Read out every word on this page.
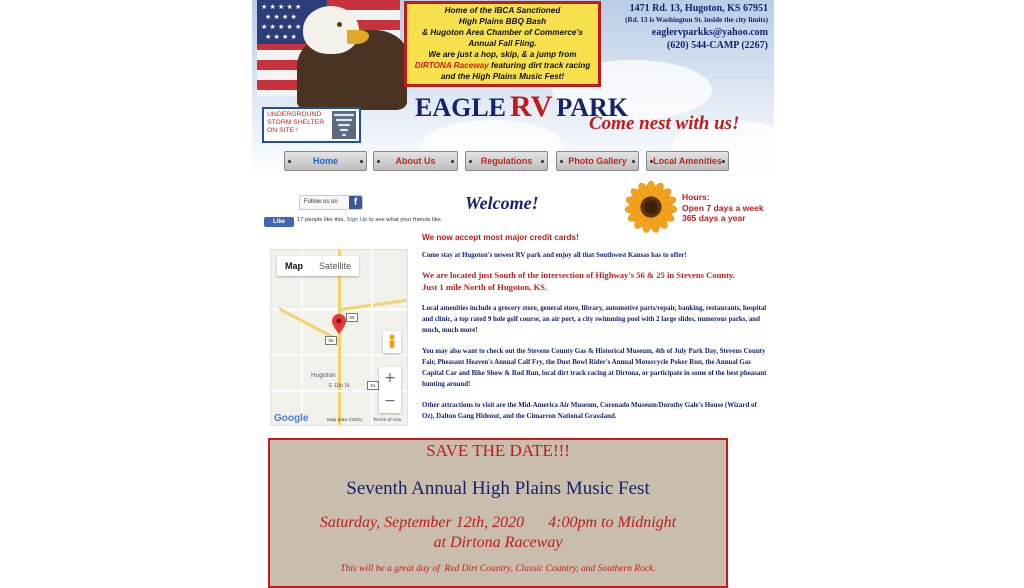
★ ★ ★ ★ ★
★ ★ ★ ★
★ ★ ★ ★ ★
★ ★ ★ ★
Home of the IBCA Sanctioned
High Plains BBQ Bash
& Hugoton Area Chamber of Commerce's
Annual Fall Fling.
We are just a hop, skip, & a jump from
DIRTONA Raceway featuring dirt track racing
and the High Plains Music Fest!
1471 Rd. 13, Hugoton, KS 67951
(Rd. 13 is Washington St. inside the city limits)
eaglervparkks@yahoo.com
(620) 544-CAMP (2267)
UNDERGROUND
STORM SHELTER
ON SITE !
EAGLE RV PARK
Come nest with us!
Home	About Us	Regulations	Photo Gallery	Local Amenities
Follow us on	f
Like	17 people like this. Sign Up to see what your friends like.
Map	Satellite
56
56
51
Hugoton
E 11th St	+
−
Google	Map data ©2021 Terms of Use
Welcome!	Hours:
Open 7 days a week
365 days a year

We now accept most major credit cards!

Come stay at Hugoton's newest RV park and enjoy all that Southwest Kansas has to offer!

We are located just South of the intersection of Highway's 56 & 25 in Stevens County.

Just 1 mile North of Hugoton, KS.

Local amenities include a grocery store, general store, library, automotive parts/repair, banking, restaurants, hospital and clinic, a top rated 9 hole golf course, an air port, a city swimming pool with 2 large slides, numerous parks, and much, much more!

You may also want to check out the Stevens County Gas & Historical Museum, 4th of July Park Day, Stevens County Fair, Pheasant Heaven's Annual Calf Fry, the Dust Bowl Rider's Annual Motorcycle Poker Run, the Annual Gas Capital Car and Bike Show & Rod Run, local dirt track racing at Dirtona, or participate in some of the best pheasant hunting around!

Other attractions to visit are the Mid-America Air Museum, Coronado Museum/Dorothy Gale's House (Wizard of Oz), Dalton Gang Hideout, and the Cimarron National Grassland.

SAVE THE DATE!!!
Seventh Annual High Plains Music Fest
Saturday, September 12th, 2020      4:00pm to Midnight
at Dirtona Raceway
This will be a great day of  Red Dirt Country, Classic Country, and Southern Rock.
